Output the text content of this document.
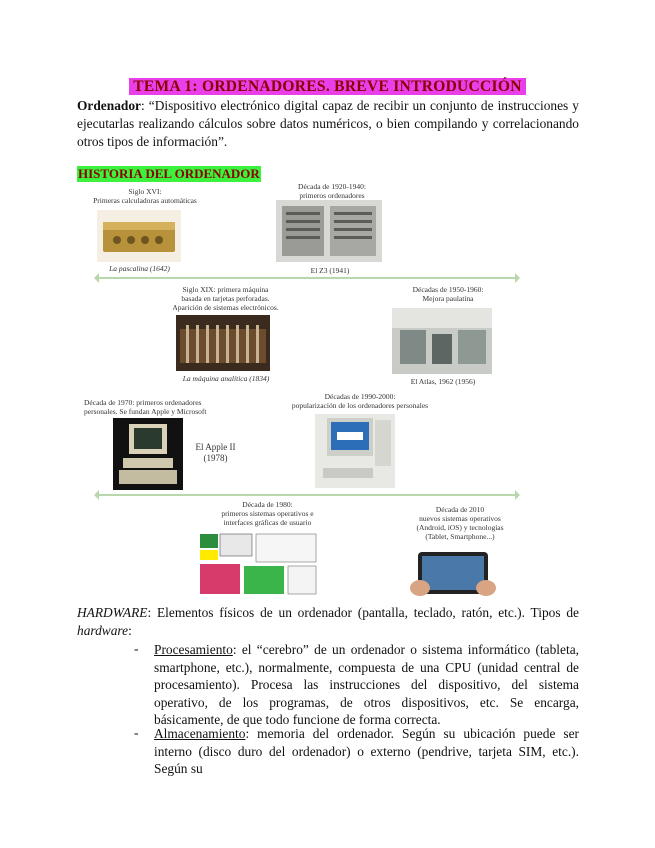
TEMA 1: ORDENADORES. BREVE INTRODUCCIÓN
Ordenador: “Dispositivo electrónico digital capaz de recibir un conjunto de instrucciones y ejecutarlas realizando cálculos sobre datos numéricos, o bien compilando y correlacionando otros tipos de información”.
HISTORIA DEL ORDENADOR
Siglo XVI:
Primeras calculadoras automáticas
La pascalina (1642)
Década de 1920-1940:
primeros ordenadores
El Z3 (1941)
Siglo XIX: primera máquina
basada en tarjetas perforadas.
Aparición de sistemas electrónicos.
La máquina analítica (1834)
Décadas de 1950-1960:
Mejora paulatina
El Atlas, 1962 (1956)
Década de 1970: primeros ordenadores
personales. Se fundan Apple y Microsoft
El Apple II
(1978)
Décadas de 1990-2000:
popularización de los ordenadores personales
Década de 1980:
primeros sistemas operativos e
interfaces gráficas de usuario
Década de 2010
nuevos sistemas operativos
(Android, iOS) y tecnologías
(Tablet, Smartphone...)
HARDWARE: Elementos físicos de un ordenador (pantalla, teclado, ratón, etc.). Tipos de hardware:
- Procesamiento: el “cerebro” de un ordenador o sistema informático (tableta, smartphone, etc.), normalmente, compuesta de una CPU (unidad central de procesamiento). Procesa las instrucciones del dispositivo, del sistema operativo, de los programas, de otros dispositivos, etc. Se encarga, básicamente, de que todo funcione de forma correcta.
- Almacenamiento: memoria del ordenador. Según su ubicación puede ser interno (disco duro del ordenador) o externo (pendrive, tarjeta SIM, etc.). Según su
